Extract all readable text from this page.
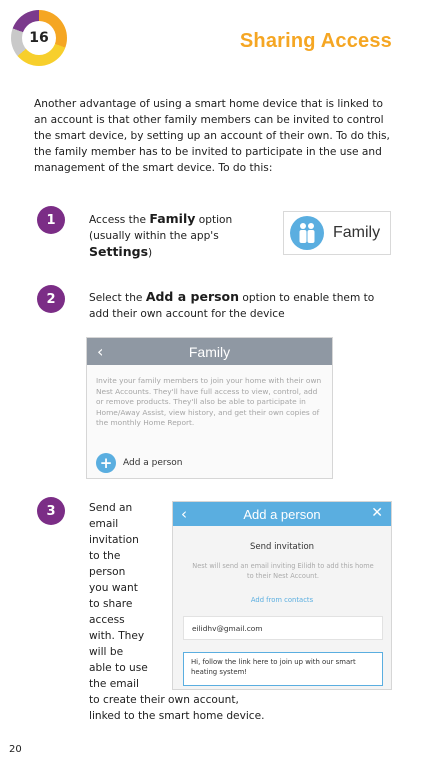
16	Sharing Access

Another advantage of using a smart home device that is linked to an account is that other family members can be invited to control the smart device, by setting up an account of their own. To do this, the family member has to be invited to participate in the use and management of the smart device. To do this:

1	Access the Family option (usually within the app's Settings)
Family
2	Select the Add a person option to enable them to add their own account for the device
‹	Family

Invite your family members to join your home with their own Nest Accounts. They'll have full access to view, control, add or remove products. They'll also be able to participate in Home/Away Assist, view history, and get their own copies of the monthly Home Report.

+	Add a person
3	Send an
email
invitation
to the
person
you want
to share
access
with. They
will be
able to use
the email
to create their own account,
linked to the smart home device.
‹	Add a person	✕
Send invitation
Nest will send an email inviting Eilidh to add this home to their Nest Account.
Add from contacts
eilidhv@gmail.com
Hi, follow the link here to join up with our smart heating system!
20
